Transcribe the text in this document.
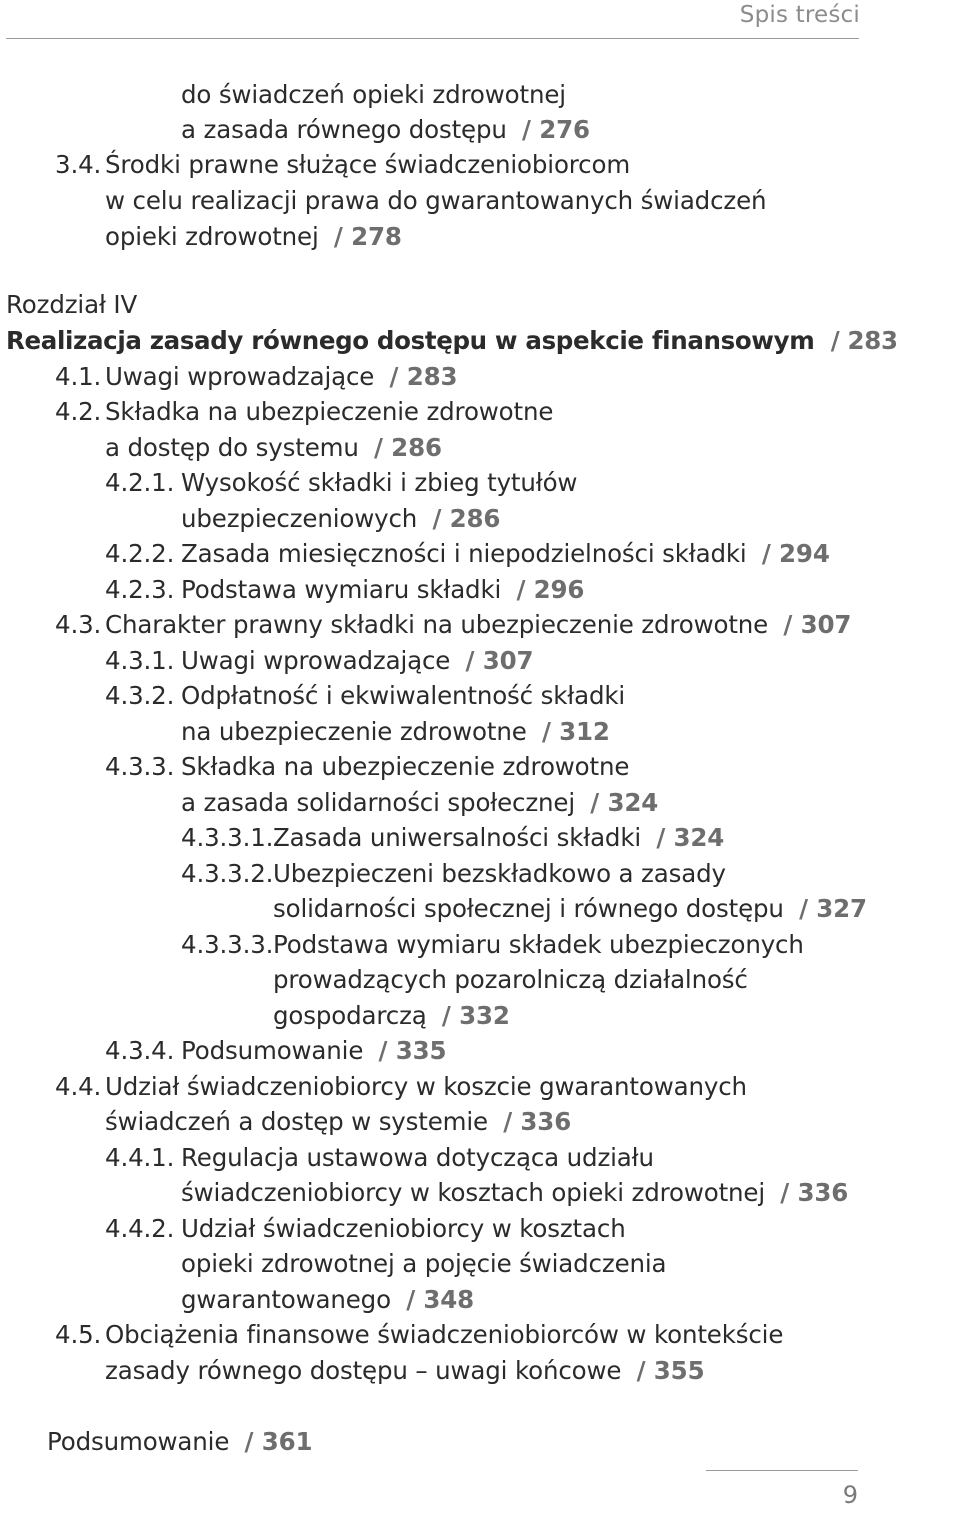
Spis treści
do świadczeń opieki zdrowotnej
a zasada równego dostępu / 276
3.4. Środki prawne służące świadczeniobiorcom
w celu realizacji prawa do gwarantowanych świadczeń
opieki zdrowotnej / 278
Rozdział IV
Realizacja zasady równego dostępu w aspekcie finansowym / 283
4.1. Uwagi wprowadzające / 283
4.2. Składka na ubezpieczenie zdrowotne
a dostęp do systemu / 286
4.2.1. Wysokość składki i zbieg tytułów
ubezpieczeniowych / 286
4.2.2. Zasada miesięczności i niepodzielności składki / 294
4.2.3. Podstawa wymiaru składki / 296
4.3. Charakter prawny składki na ubezpieczenie zdrowotne / 307
4.3.1. Uwagi wprowadzające / 307
4.3.2. Odpłatność i ekwiwalentność składki
na ubezpieczenie zdrowotne / 312
4.3.3. Składka na ubezpieczenie zdrowotne
a zasada solidarności społecznej / 324
4.3.3.1.Zasada uniwersalności składki / 324
4.3.3.2.Ubezpieczeni bezskładkowo a zasady
solidarności społecznej i równego dostępu / 327
4.3.3.3.Podstawa wymiaru składek ubezpieczonych
prowadzących pozarolniczą działalność
gospodarczą / 332
4.3.4. Podsumowanie / 335
4.4. Udział świadczeniobiorcy w koszcie gwarantowanych
świadczeń a dostęp w systemie / 336
4.4.1. Regulacja ustawowa dotycząca udziału
świadczeniobiorcy w kosztach opieki zdrowotnej / 336
4.4.2. Udział świadczeniobiorcy w kosztach
opieki zdrowotnej a pojęcie świadczenia
gwarantowanego / 348
4.5. Obciążenia finansowe świadczeniobiorców w kontekście
zasady równego dostępu – uwagi końcowe / 355
Podsumowanie / 361
9
